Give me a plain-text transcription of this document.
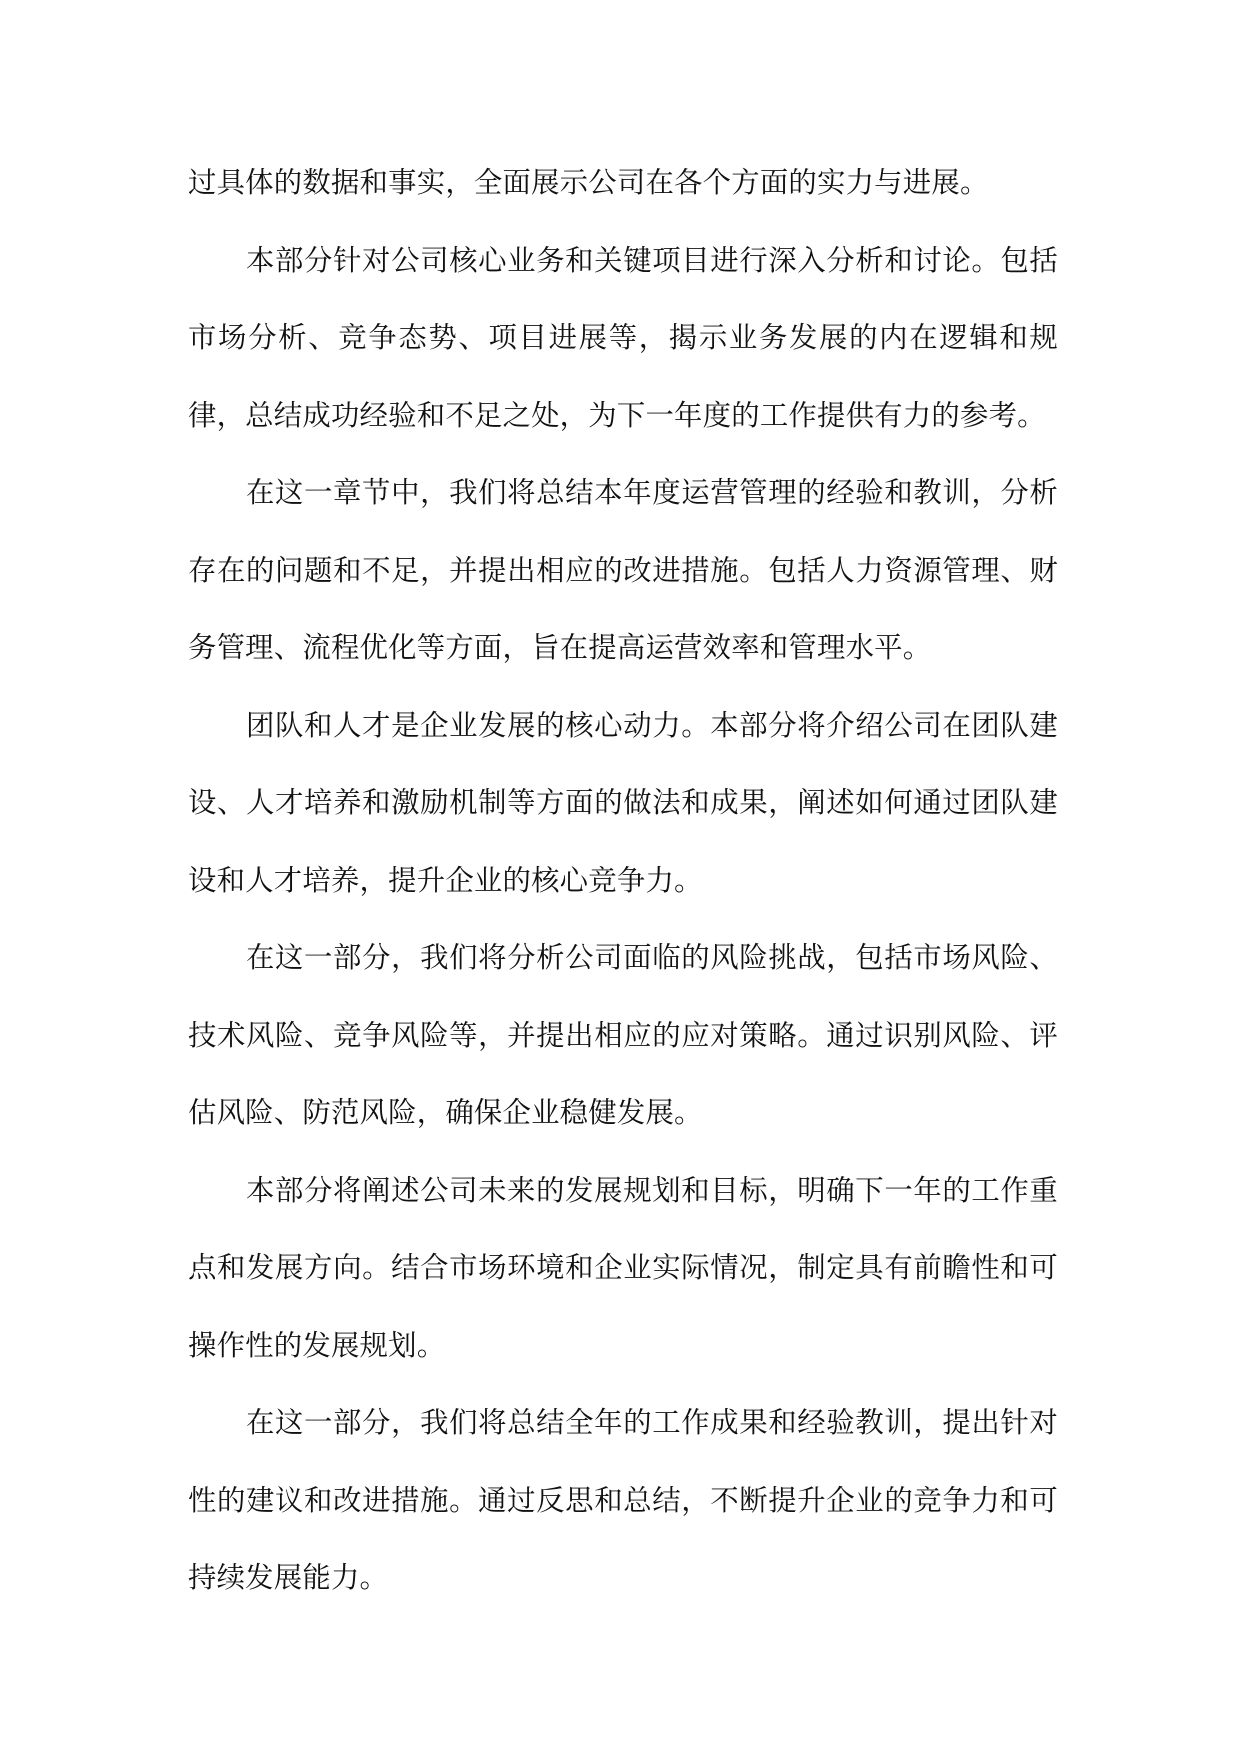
过具体的数据和事实，全面展示公司在各个方面的实力与进展。

本部分针对公司核心业务和关键项目进行深入分析和讨论。包括市场分析、竞争态势、项目进展等，揭示业务发展的内在逻辑和规律，总结成功经验和不足之处，为下一年度的工作提供有力的参考。

在这一章节中，我们将总结本年度运营管理的经验和教训，分析存在的问题和不足，并提出相应的改进措施。包括人力资源管理、财务管理、流程优化等方面，旨在提高运营效率和管理水平。

团队和人才是企业发展的核心动力。本部分将介绍公司在团队建设、人才培养和激励机制等方面的做法和成果，阐述如何通过团队建设和人才培养，提升企业的核心竞争力。

在这一部分，我们将分析公司面临的风险挑战，包括市场风险、技术风险、竞争风险等，并提出相应的应对策略。通过识别风险、评估风险、防范风险，确保企业稳健发展。

本部分将阐述公司未来的发展规划和目标，明确下一年的工作重点和发展方向。结合市场环境和企业实际情况，制定具有前瞻性和可操作性的发展规划。

在这一部分，我们将总结全年的工作成果和经验教训，提出针对性的建议和改进措施。通过反思和总结，不断提升企业的竞争力和可持续发展能力。
